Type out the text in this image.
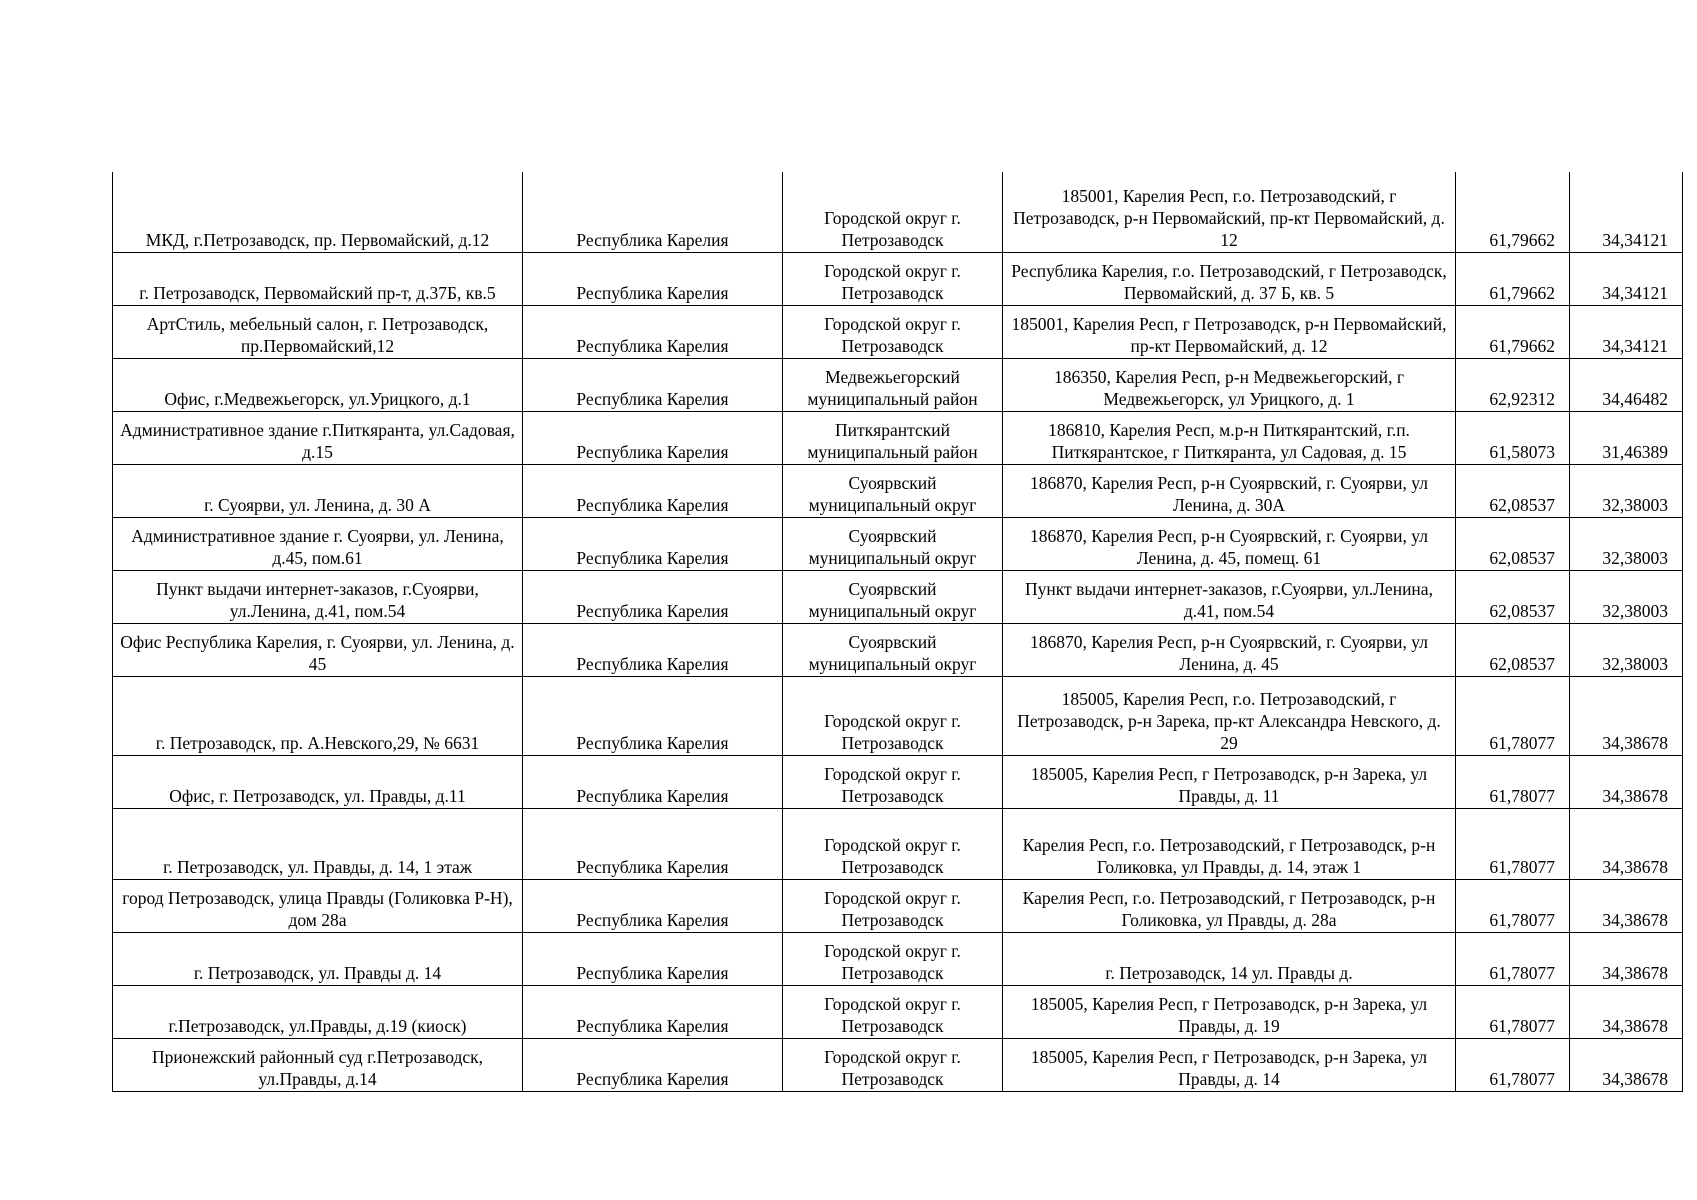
МКД, г.Петрозаводск, пр. Первомайский, д.12	Республика Карелия	Городской округ г. Петрозаводск	185001, Карелия Респ, г.о. Петрозаводский, г Петрозаводск, р-н Первомайский, пр-кт Первомайский, д. 12	61,79662	34,34121
г. Петрозаводск, Первомайский пр-т, д.37Б, кв.5	Республика Карелия	Городской округ г. Петрозаводск	Республика Карелия, г.о. Петрозаводский, г Петрозаводск, Первомайский, д. 37 Б, кв. 5	61,79662	34,34121
АртСтиль, мебельный салон, г. Петрозаводск, пр.Первомайский,12	Республика Карелия	Городской округ г. Петрозаводск	185001, Карелия Респ, г Петрозаводск, р-н Первомайский, пр-кт Первомайский, д. 12	61,79662	34,34121
Офис, г.Медвежьегорск, ул.Урицкого, д.1	Республика Карелия	Медвежьегорский муниципальный район	186350, Карелия Респ, р-н Медвежьегорский, г Медвежьегорск, ул Урицкого, д. 1	62,92312	34,46482
Административное здание г.Питкяранта, ул.Садовая, д.15	Республика Карелия	Питкярантский муниципальный район	186810, Карелия Респ, м.р-н Питкярантский, г.п. Питкярантское, г Питкяранта, ул Садовая, д. 15	61,58073	31,46389
г. Суоярви, ул. Ленина, д. 30 А	Республика Карелия	Суоярвский муниципальный округ	186870, Карелия Респ, р-н Суоярвский, г. Суоярви, ул Ленина, д. 30А	62,08537	32,38003
Административное здание г. Суоярви, ул. Ленина, д.45, пом.61	Республика Карелия	Суоярвский муниципальный округ	186870, Карелия Респ, р-н Суоярвский, г. Суоярви, ул Ленина, д. 45, помещ. 61	62,08537	32,38003
Пункт выдачи интернет-заказов, г.Суоярви, ул.Ленина, д.41, пом.54	Республика Карелия	Суоярвский муниципальный округ	Пункт выдачи интернет-заказов, г.Суоярви, ул.Ленина, д.41, пом.54	62,08537	32,38003
Офис Республика Карелия, г. Суоярви, ул. Ленина, д. 45	Республика Карелия	Суоярвский муниципальный округ	186870, Карелия Респ, р-н Суоярвский, г. Суоярви, ул Ленина, д. 45	62,08537	32,38003
г. Петрозаводск, пр. А.Невского,29, № 6631	Республика Карелия	Городской округ г. Петрозаводск	185005, Карелия Респ, г.о. Петрозаводский, г Петрозаводск, р-н Зарека, пр-кт Александра Невского, д. 29	61,78077	34,38678
Офис, г. Петрозаводск, ул. Правды, д.11	Республика Карелия	Городской округ г. Петрозаводск	185005, Карелия Респ, г Петрозаводск, р-н Зарека, ул Правды, д. 11	61,78077	34,38678
г. Петрозаводск, ул. Правды, д. 14, 1 этаж	Республика Карелия	Городской округ г. Петрозаводск	Карелия Респ, г.о. Петрозаводский, г Петрозаводск, р-н Голиковка, ул Правды, д. 14, этаж 1	61,78077	34,38678
город Петрозаводск, улица Правды (Голиковка Р-Н), дом 28а	Республика Карелия	Городской округ г. Петрозаводск	Карелия Респ, г.о. Петрозаводский, г Петрозаводск, р-н Голиковка, ул Правды, д. 28а	61,78077	34,38678
г. Петрозаводск, ул. Правды д. 14	Республика Карелия	Городской округ г. Петрозаводск	г. Петрозаводск, 14 ул. Правды д.	61,78077	34,38678
г.Петрозаводск, ул.Правды, д.19 (киоск)	Республика Карелия	Городской округ г. Петрозаводск	185005, Карелия Респ, г Петрозаводск, р-н Зарека, ул Правды, д. 19	61,78077	34,38678
Прионежский районный суд г.Петрозаводск, ул.Правды, д.14	Республика Карелия	Городской округ г. Петрозаводск	185005, Карелия Респ, г Петрозаводск, р-н Зарека, ул Правды, д. 14	61,78077	34,38678
